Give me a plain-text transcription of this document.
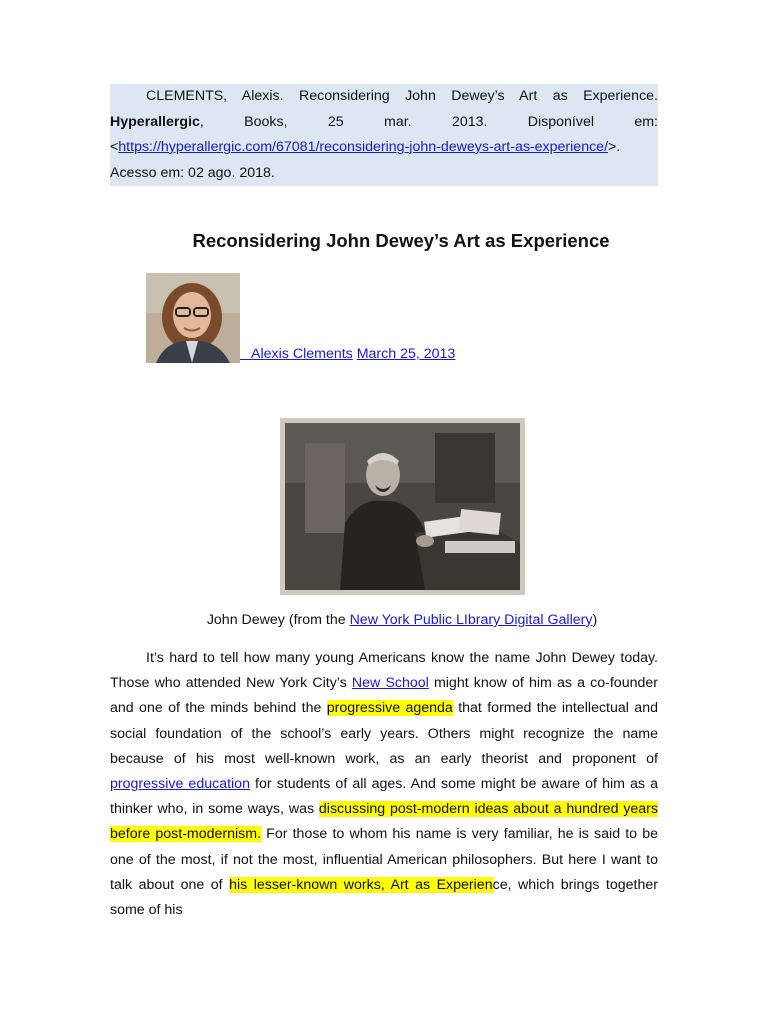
CLEMENTS, Alexis. Reconsidering John Dewey’s Art as Experience. Hyperallergic, Books, 25 mar. 2013. Disponível em: <https://hyperallergic.com/67081/reconsidering-john-deweys-art-as-experience/>. Acesso em: 02 ago. 2018.
Reconsidering John Dewey’s Art as Experience
Alexis Clements March 25, 2013
John Dewey (from the New York Public LIbrary Digital Gallery)
It’s hard to tell how many young Americans know the name John Dewey today. Those who attended New York City’s New School might know of him as a co-founder and one of the minds behind the progressive agenda that formed the intellectual and social foundation of the school’s early years. Others might recognize the name because of his most well-known work, as an early theorist and proponent of progressive education for students of all ages. And some might be aware of him as a thinker who, in some ways, was discussing post-modern ideas about a hundred years before post-modernism. For those to whom his name is very familiar, he is said to be one of the most, if not the most, influential American philosophers. But here I want to talk about one of his lesser-known works, Art as Experience, which brings together some of his
